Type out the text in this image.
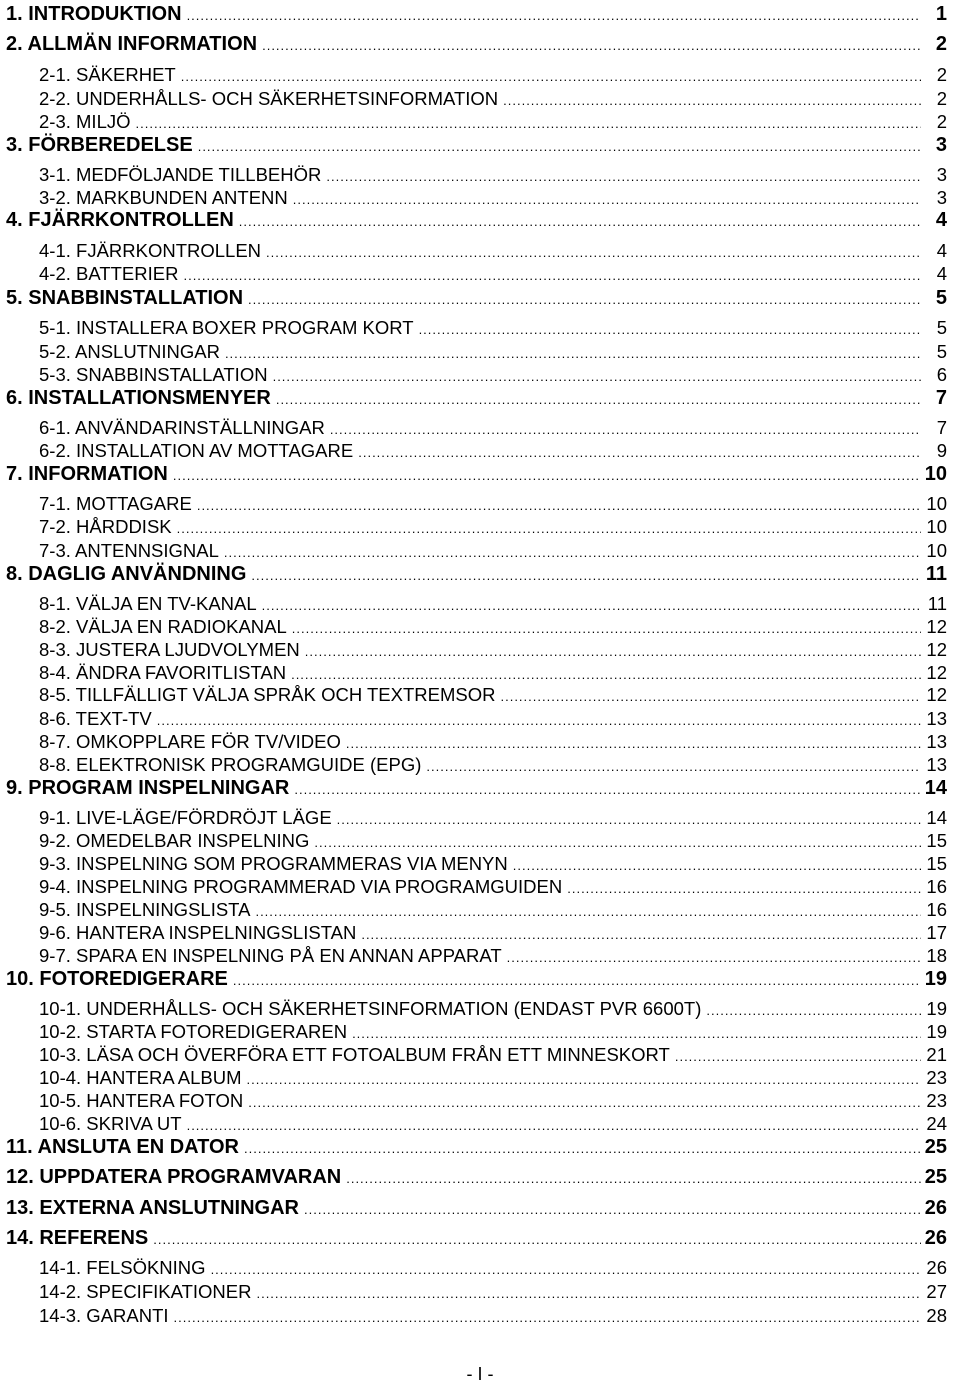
1. INTRODUKTION .....	1
2. ALLMÄN INFORMATION .....	2
2-1. SÄKERHET .....	2
2-2. UNDERHÅLLS- OCH SÄKERHETSINFORMATION .....	2
2-3. MILJÖ .....	2
3. FÖRBEREDELSE .....	3
3-1. MEDFÖLJANDE TILLBEHÖR .....	3
3-2. MARKBUNDEN ANTENN .....	3
4. FJÄRRKONTROLLEN .....	4
4-1. FJÄRRKONTROLLEN .....	4
4-2. BATTERIER .....	4
5. SNABBINSTALLATION .....	5
5-1. INSTALLERA BOXER PROGRAM KORT .....	5
5-2. ANSLUTNINGAR .....	5
5-3. SNABBINSTALLATION .....	6
6. INSTALLATIONSMENYER .....	7
6-1. ANVÄNDARINSTÄLLNINGAR .....	7
6-2. INSTALLATION AV MOTTAGARE .....	9
7. INFORMATION .....	10
7-1. MOTTAGARE .....	10
7-2. HÅRDDISK .....	10
7-3. ANTENNSIGNAL .....	10
8. DAGLIG ANVÄNDNING .....	11
8-1. VÄLJA EN TV-KANAL .....	11
8-2. VÄLJA EN RADIOKANAL .....	12
8-3. JUSTERA LJUDVOLYMEN .....	12
8-4. ÄNDRA FAVORITLISTAN .....	12
8-5. TILLFÄLLIGT VÄLJA SPRÅK OCH TEXTREMSOR .....	12
8-6. TEXT-TV .....	13
8-7. OMKOPPLARE FÖR TV/VIDEO .....	13
8-8. ELEKTRONISK PROGRAMGUIDE (EPG) .....	13
9. PROGRAM INSPELNINGAR .....	14
9-1. LIVE-LÄGE/FÖRDRÖJT LÄGE .....	14
9-2. OMEDELBAR INSPELNING .....	15
9-3. INSPELNING SOM PROGRAMMERAS VIA MENYN .....	15
9-4. INSPELNING PROGRAMMERAD VIA PROGRAMGUIDEN .....	16
9-5. INSPELNINGSLISTA .....	16
9-6. HANTERA INSPELNINGSLISTAN .....	17
9-7. SPARA EN INSPELNING PÅ EN ANNAN APPARAT .....	18
10. FOTOREDIGERARE .....	19
10-1. UNDERHÅLLS- OCH SÄKERHETSINFORMATION (ENDAST PVR 6600T) .....	19
10-2. STARTA FOTOREDIGERAREN .....	19
10-3. LÄSA OCH ÖVERFÖRA ETT FOTOALBUM FRÅN ETT MINNESKORT .....	21
10-4. HANTERA ALBUM .....	23
10-5. HANTERA FOTON .....	23
10-6. SKRIVA UT .....	24
11. ANSLUTA EN DATOR .....	25
12. UPPDATERA PROGRAMVARAN .....	25
13. EXTERNA ANSLUTNINGAR .....	26
14. REFERENS .....	26
14-1. FELSÖKNING .....	26
14-2. SPECIFIKATIONER .....	27
14-3. GARANTI .....	28
- I -
